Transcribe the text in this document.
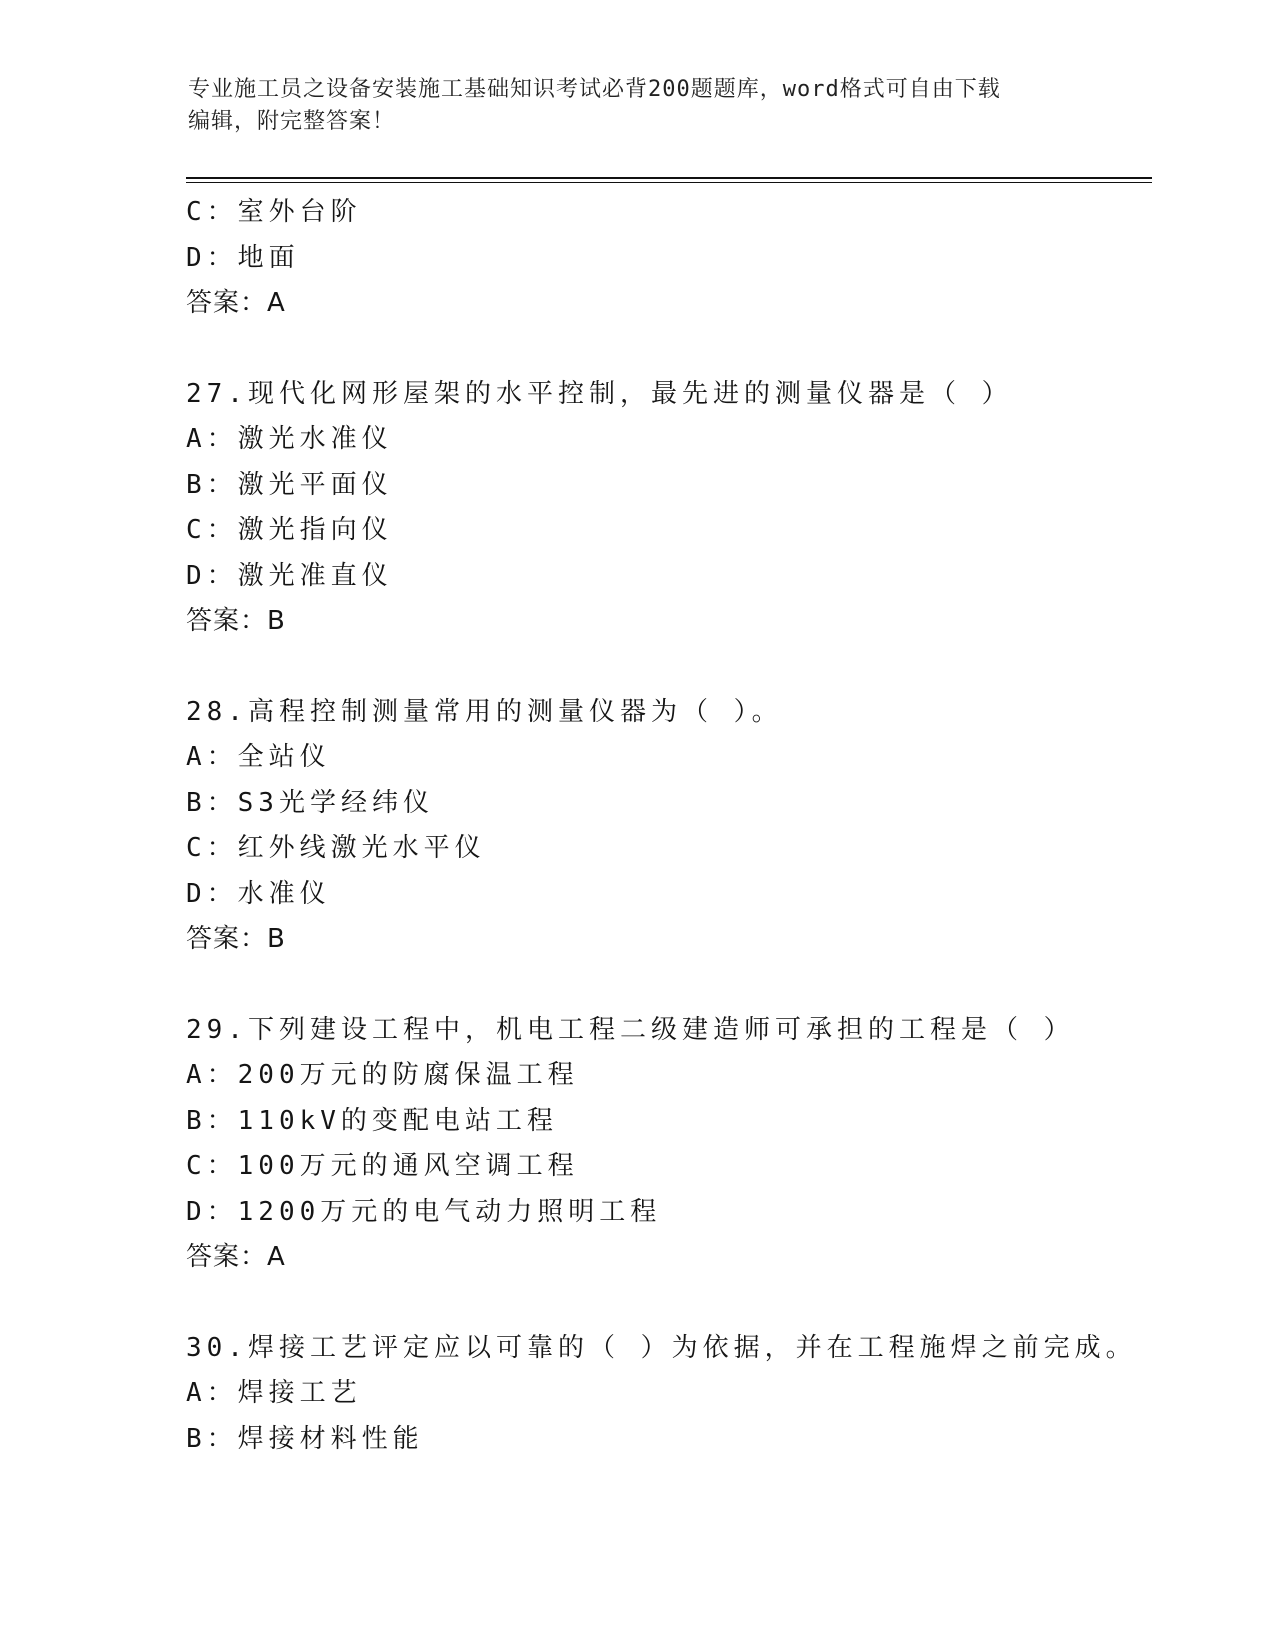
专业施工员之设备安装施工基础知识考试必背200题题库，word格式可自由下载
编辑，附完整答案！
C：室外台阶
D：地面
答案：A
27.现代化网形屋架的水平控制，最先进的测量仪器是（ ）
A：激光水准仪
B：激光平面仪
C：激光指向仪
D：激光准直仪
答案：B
28.高程控制测量常用的测量仪器为（ ）。
A：全站仪
B：S3光学经纬仪
C：红外线激光水平仪
D：水准仪
答案：B
29.下列建设工程中，机电工程二级建造师可承担的工程是（ ）
A：200万元的防腐保温工程
B：110kV的变配电站工程
C：100万元的通风空调工程
D：1200万元的电气动力照明工程
答案：A
30.焊接工艺评定应以可靠的（ ）为依据，并在工程施焊之前完成。
A：焊接工艺
B：焊接材料性能
